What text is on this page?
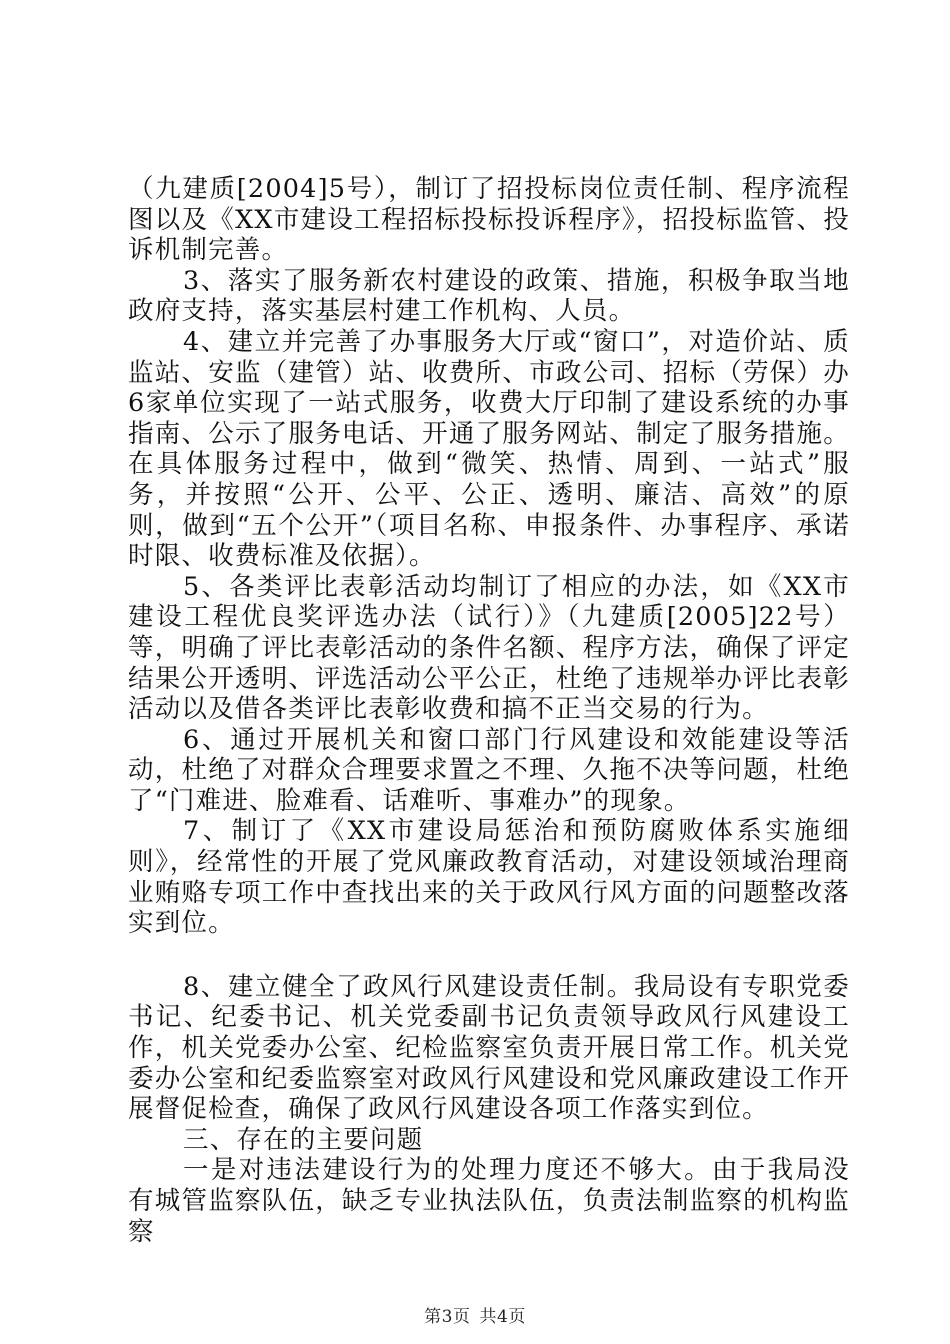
（九建质[2004]5号），制订了招投标岗位责任制、程序流程图以及《XX市建设工程招标投标投诉程序》，招投标监管、投诉机制完善。

3、落实了服务新农村建设的政策、措施，积极争取当地政府支持，落实基层村建工作机构、人员。

4、建立并完善了办事服务大厅或“窗口”，对造价站、质监站、安监（建管）站、收费所、市政公司、招标（劳保）办6家单位实现了一站式服务，收费大厅印制了建设系统的办事指南、公示了服务电话、开通了服务网站、制定了服务措施。在具体服务过程中，做到“微笑、热情、周到、一站式”服务，并按照“公开、公平、公正、透明、廉洁、高效”的原则，做到“五个公开”（项目名称、申报条件、办事程序、承诺时限、收费标准及依据）。

5、各类评比表彰活动均制订了相应的办法，如《XX市建设工程优良奖评选办法（试行）》（九建质[2005]22号）等，明确了评比表彰活动的条件名额、程序方法，确保了评定结果公开透明、评选活动公平公正，杜绝了违规举办评比表彰活动以及借各类评比表彰收费和搞不正当交易的行为。

6、通过开展机关和窗口部门行风建设和效能建设等活动，杜绝了对群众合理要求置之不理、久拖不决等问题，杜绝了“门难进、脸难看、话难听、事难办”的现象。

7、制订了《XX市建设局惩治和预防腐败体系实施细则》，经常性的开展了党风廉政教育活动，对建设领域治理商业贿赂专项工作中查找出来的关于政风行风方面的问题整改落实到位。

8、建立健全了政风行风建设责任制。我局设有专职党委书记、纪委书记、机关党委副书记负责领导政风行风建设工作，机关党委办公室、纪检监察室负责开展日常工作。机关党委办公室和纪委监察室对政风行风建设和党风廉政建设工作开展督促检查，确保了政风行风建设各项工作落实到位。

三、存在的主要问题

一是对违法建设行为的处理力度还不够大。由于我局没有城管监察队伍，缺乏专业执法队伍，负责法制监察的机构监察

第3页 共4页
